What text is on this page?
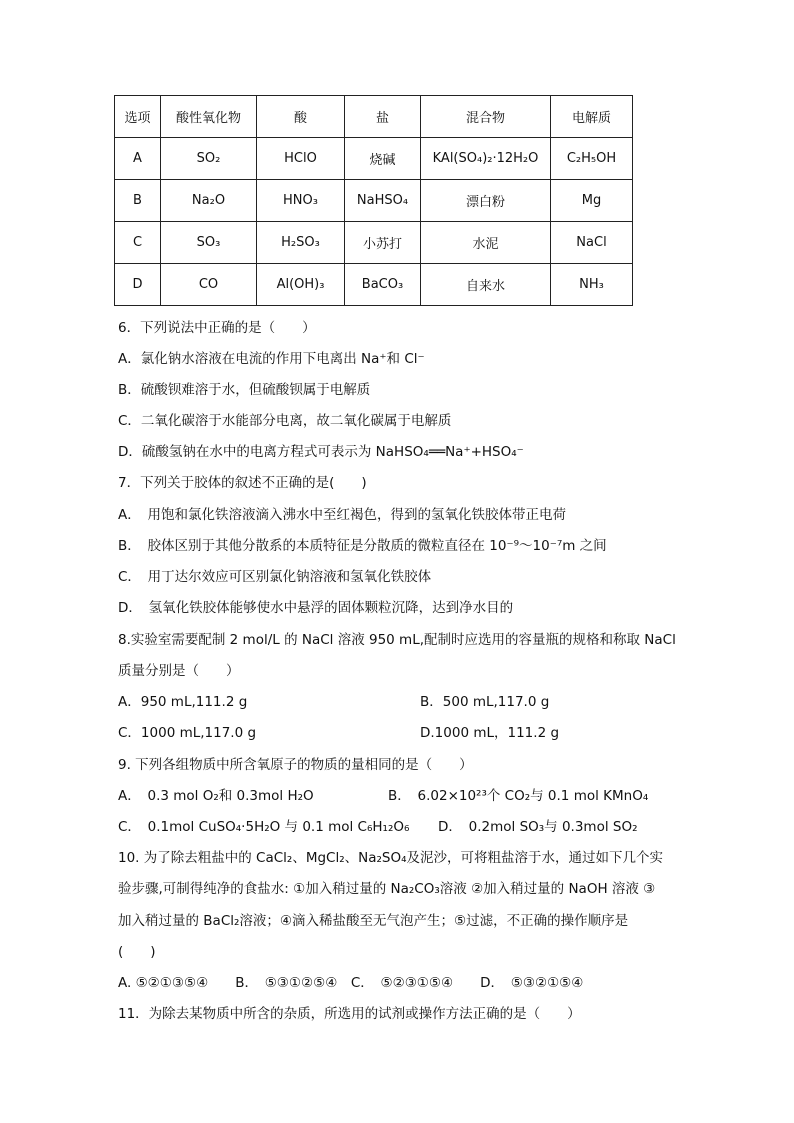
选项	酸性氧化物	酸	盐	混合物	电解质
A	SO₂	HClO	烧碱	KAl(SO₄)₂·12H₂O	C₂H₅OH
B	Na₂O	HNO₃	NaHSO₄	漂白粉	Mg
C	SO₃	H₂SO₃	小苏打	水泥	NaCl
D	CO	Al(OH)₃	BaCO₃	自来水	NH₃
6．下列说法中正确的是（　　）
A．氯化钠水溶液在电流的作用下电离出 Na⁺和 Cl⁻
B．硫酸钡难溶于水，但硫酸钡属于电解质
C．二氧化碳溶于水能部分电离，故二氧化碳属于电解质
D．硫酸氢钠在水中的电离方程式可表示为 NaHSO₄══Na⁺+HSO₄⁻
7．下列关于胶体的叙述不正确的是(　　)
A．　用饱和氯化铁溶液滴入沸水中至红褐色，得到的氢氧化铁胶体带正电荷
B．　胶体区别于其他分散系的本质特征是分散质的微粒直径在 10⁻⁹～10⁻⁷m 之间
C．　用丁达尔效应可区别氯化钠溶液和氢氧化铁胶体
D．　氢氧化铁胶体能够使水中悬浮的固体颗粒沉降，达到净水目的
8.实验室需要配制 2 mol/L 的 NaCl 溶液 950 mL,配制时应选用的容量瓶的规格和称取 NaCl
质量分别是（　　）
A．950 mL,111.2 g	B．500 mL,117.0 g
C．1000 mL,117.0 g	D.1000 mL，111.2 g
9. 下列各组物质中所含氧原子的物质的量相同的是（　　）
A．　0.3 mol O₂和 0.3mol H₂O	B．　6.02×10²³个 CO₂与 0.1 mol KMnO₄
C．　0.1mol CuSO₄·5H₂O 与 0.1 mol C₆H₁₂O₆ D．　0.2mol SO₃与 0.3mol SO₂
10. 为了除去粗盐中的 CaCl₂、MgCl₂、Na₂SO₄及泥沙，可将粗盐溶于水，通过如下几个实
验步骤,可制得纯净的食盐水: ①加入稍过量的 Na₂CO₃溶液 ②加入稍过量的 NaOH 溶液 ③
加入稍过量的 BaCl₂溶液；④滴入稀盐酸至无气泡产生；⑤过滤，不正确的操作顺序是
(　　)
A. ⑤②①③⑤④　　B．　⑤③①②⑤④　C．　⑤②③①⑤④　　D．　⑤③②①⑤④
11．为除去某物质中所含的杂质，所选用的试剂或操作方法正确的是（　　）
